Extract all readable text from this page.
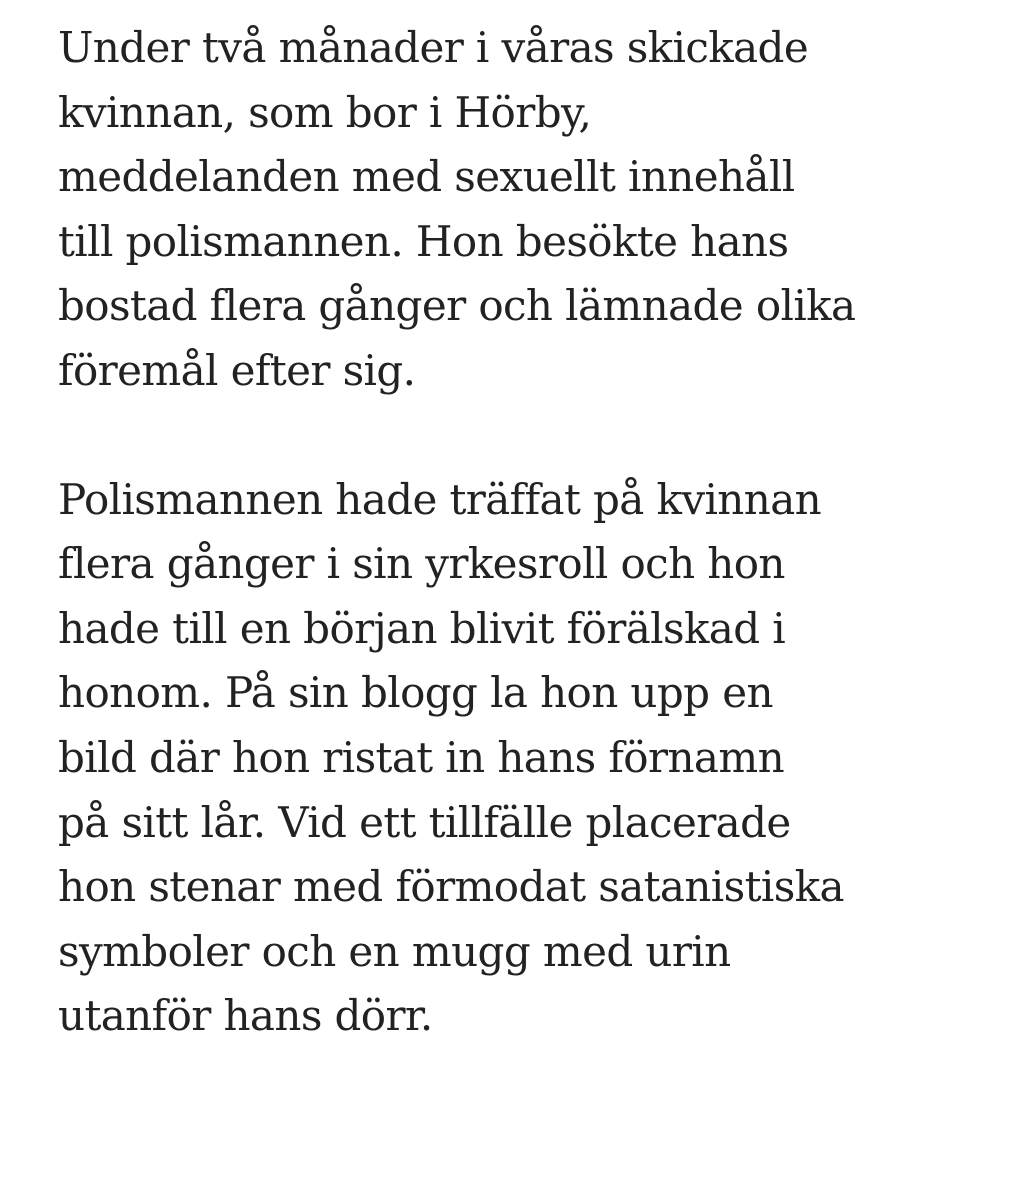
Under två månader i våras skickade
kvinnan, som bor i Hörby,
meddelanden med sexuellt innehåll
till polismannen. Hon besökte hans
bostad flera gånger och lämnade olika
föremål efter sig.

Polismannen hade träffat på kvinnan
flera gånger i sin yrkesroll och hon
hade till en början blivit förälskad i
honom. På sin blogg la hon upp en
bild där hon ristat in hans förnamn
på sitt lår. Vid ett tillfälle placerade
hon stenar med förmodat satanistiska
symboler och en mugg med urin
utanför hans dörr.
